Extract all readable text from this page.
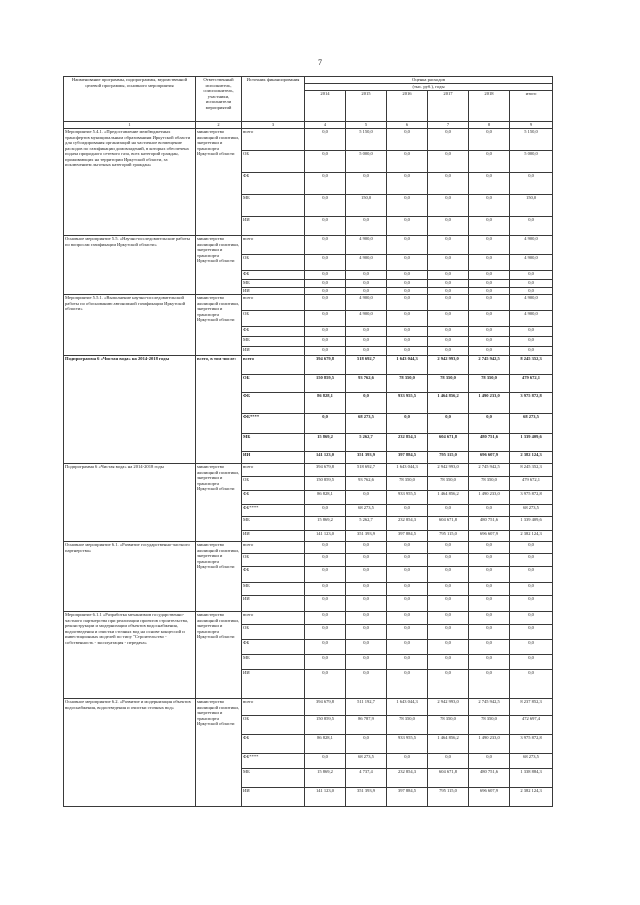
7
Наименование программы, подпрограммы, ведомственной целевой программы, основного мероприятия	Ответственный исполнитель, соисполнитель, участники, исполнители мероприятий	Источник финансирования	Оценка расходов					
			(тыс. руб.), годы					
			2014	2015	2016	2017	2018	итого
1	2	3	4	5	6	7	8	9
Мероприятие 5.4.1. «Предоставление межбюджетных трансфертов муниципальным образованиям Иркутской области для субсидирования организаций на частичное возмещение расходов по газификации домовладений, в которых обеспечена подача природного сетевого газа, всех категорий граждан, проживающих на территории Иркутской области, за исключением льготных категорий граждан»	министерство жилищной политики, энергетики и транспорта Иркутской области	всего	0,0	5 150,0	0,0	0,0	0,0	5 150,0
		ОБ	0,0	5 000,0	0,0	0,0	0,0	5 000,0
		ФБ	0,0	0,0	0,0	0,0	0,0	0,0
		МБ	0,0	150,0	0,0	0,0	0,0	150,0
		ИИ	0,0	0,0	0,0	0,0	0,0	0,0
Основное мероприятие 5.5. «Научно-исследовательские работы по вопросам газификации Иркутской области»	министерство жилищной политики, энергетики и транспорта Иркутской области	всего	0,0	4 900,0	0,0	0,0	0,0	4 900,0
		ОБ	0,0	4 900,0	0,0	0,0	0,0	4 900,0
		ФБ	0,0	0,0	0,0	0,0	0,0	0,0
		МБ	0,0	0,0	0,0	0,0	0,0	0,0
		ИИ	0,0	0,0	0,0	0,0	0,0	0,0
Мероприятие 5.5.1. «Выполнение научно-исследовательской работы по обоснованию автономной газификации Иркутской области»	министерство жилищной политики, энергетики и транспорта Иркутской области	всего	0,0	4 900,0	0,0	0,0	0,0	4 900,0
		ОБ	0,0	4 900,0	0,0	0,0	0,0	4 900,0
		ФБ	0,0	0,0	0,0	0,0	0,0	0,0
		МБ	0,0	0,0	0,0	0,0	0,0	0,0
		ИИ	0,0	0,0	0,0	0,0	0,0	0,0
Подпрограмма 6 «Чистая вода» на 2014-2018 годы	всего, в том числе:	всего	394 679,8	518 692,7	1 643 044,3	2 942 993,0	2 745 942,5	8 245 352,3
		ОБ	150 859,5	93 762,6	78 350,0	78 350,0	78 350,0	479 672,1
		ФБ	86 828,1	0,0	933 955,5	1 464 856,2	1 490 233,0	3 975 872,8
		ФБ****	0,0	68 273,5	0,0	0,0	0,0	68 273,5
		МБ	15 869,2	5 262,7	232 854,3	604 671,8	480 751,6	1 339 409,6
		ИИ	141 123,0	351 393,9	397 884,5	795 115,0	696 607,9	2 382 124,3
Подпрограмма 6 «Чистая вода» на 2014-2018 годы	министерство жилищной политики, энергетики и транспорта Иркутской области	всего	394 679,8	518 692,7	1 643 044,3	2 942 993,0	2 745 942,5	8 245 352,3
		ОБ	150 859,5	93 762,6	78 350,0	78 350,0	78 350,0	479 672,1
		ФБ	86 828,1	0,0	933 955,5	1 464 856,2	1 490 233,0	3 975 872,8
		ФБ****	0,0	68 273,5	0,0	0,0	0,0	68 273,5
		МБ	15 869,2	5 262,7	232 854,3	604 671,8	480 751,6	1 339 409,6
		ИИ	141 123,0	351 393,9	397 884,5	795 115,0	696 607,9	2 382 124,3
Основное мероприятие 6.1. «Развитие государственно-частного партнерства»	министерство жилищной политики, энергетики и транспорта Иркутской области	всего	0,0	0,0	0,0	0,0	0,0	0,0
		ОБ	0,0	0,0	0,0	0,0	0,0	0,0
		ФБ	0,0	0,0	0,0	0,0	0,0	0,0
		МБ	0,0	0,0	0,0	0,0	0,0	0,0
		ИИ	0,0	0,0	0,0	0,0	0,0	0,0
Мероприятие 6.1.1 «Разработка механизмов государственно-частного партнерства при реализации проектов строительства, реконструкции и модернизации объектов водоснабжения, водоотведения и очистки сточных вод на основе концессий и инвестиционных моделей по типу "Строительство - собственность - эксплуатация - передача»	министерство жилищной политики, энергетики и транспорта Иркутской области	всего	0,0	0,0	0,0	0,0	0,0	0,0
		ОБ	0,0	0,0	0,0	0,0	0,0	0,0
		ФБ	0,0	0,0	0,0	0,0	0,0	0,0
		МБ	0,0	0,0	0,0	0,0	0,0	0,0
		ИИ	0,0	0,0	0,0	0,0	0,0	0,0
Основное мероприятие 6.2. «Развитие и модернизация объектов водоснабжения, водоотведения и очистки сточных вод»	министерство жилищной политики, энергетики и транспорта Иркутской области	всего	394 679,8	511 192,7	1 643 044,3	2 942 993,0	2 745 942,5	8 237 852,3
		ОБ	150 859,5	86 787,9	78 350,0	78 350,0	78 350,0	472 697,4
		ФБ	86 828,1	0,0	933 955,5	1 464 856,2	1 490 233,0	3 975 872,8
		ФБ****	0,0	68 273,5	0,0	0,0	0,0	68 273,5
		МБ	15 869,2	4 737,4	232 854,3	604 671,8	480 751,6	1 338 884,3
		ИИ	141 123,0	351 393,9	397 884,5	795 115,0	696 607,9	2 382 124,3
